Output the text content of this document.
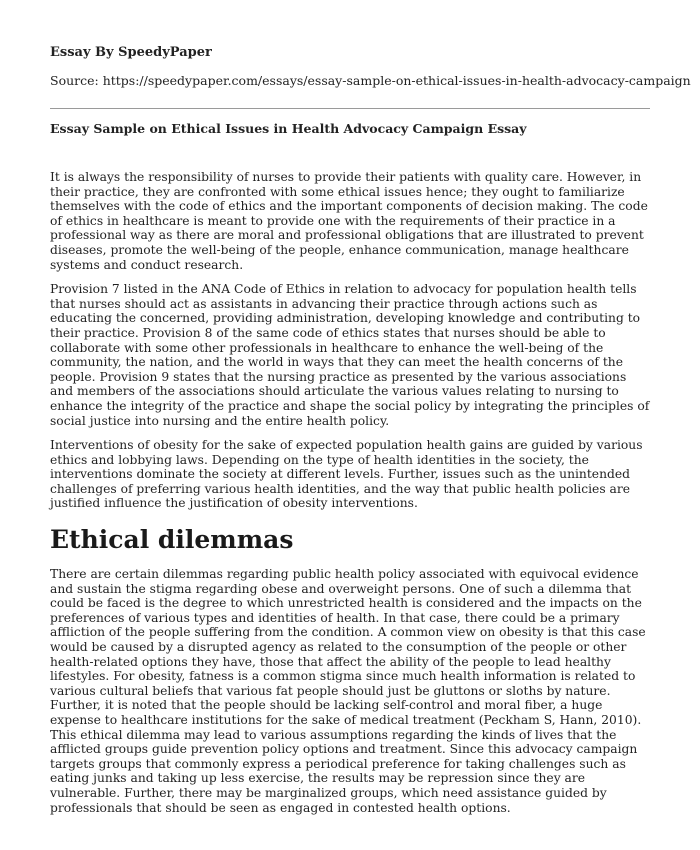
Essay By SpeedyPaper
Source: https://speedypaper.com/essays/essay-sample-on-ethical-issues-in-health-advocacy-campaign
Essay Sample on Ethical Issues in Health Advocacy Campaign Essay

It is always the responsibility of nurses to provide their patients with quality care. However, in their practice, they are confronted with some ethical issues hence; they ought to familiarize themselves with the code of ethics and the important components of decision making. The code of ethics in healthcare is meant to provide one with the requirements of their practice in a professional way as there are moral and professional obligations that are illustrated to prevent diseases, promote the well-being of the people, enhance communication, manage healthcare systems and conduct research.

Provision 7 listed in the ANA Code of Ethics in relation to advocacy for population health tells that nurses should act as assistants in advancing their practice through actions such as educating the concerned, providing administration, developing knowledge and contributing to their practice. Provision 8 of the same code of ethics states that nurses should be able to collaborate with some other professionals in healthcare to enhance the well-being of the community, the nation, and the world in ways that they can meet the health concerns of the people. Provision 9 states that the nursing practice as presented by the various associations and members of the associations should articulate the various values relating to nursing to enhance the integrity of the practice and shape the social policy by integrating the principles of social justice into nursing and the entire health policy.

Interventions of obesity for the sake of expected population health gains are guided by various ethics and lobbying laws. Depending on the type of health identities in the society, the interventions dominate the society at different levels. Further, issues such as the unintended challenges of preferring various health identities, and the way that public health policies are justified influence the justification of obesity interventions.

Ethical dilemmas

There are certain dilemmas regarding public health policy associated with equivocal evidence and sustain the stigma regarding obese and overweight persons. One of such a dilemma that could be faced is the degree to which unrestricted health is considered and the impacts on the preferences of various types and identities of health. In that case, there could be a primary affliction of the people suffering from the condition. A common view on obesity is that this case would be caused by a disrupted agency as related to the consumption of the people or other health-related options they have, those that affect the ability of the people to lead healthy lifestyles. For obesity, fatness is a common stigma since much health information is related to various cultural beliefs that various fat people should just be gluttons or sloths by nature. Further, it is noted that the people should be lacking self-control and moral fiber, a huge expense to healthcare institutions for the sake of medical treatment (Peckham S, Hann, 2010). This ethical dilemma may lead to various assumptions regarding the kinds of lives that the afflicted groups guide prevention policy options and treatment. Since this advocacy campaign targets groups that commonly express a periodical preference for taking challenges such as eating junks and taking up less exercise, the results may be repression since they are vulnerable. Further, there may be marginalized groups, which need assistance guided by professionals that should be seen as engaged in contested health options.
